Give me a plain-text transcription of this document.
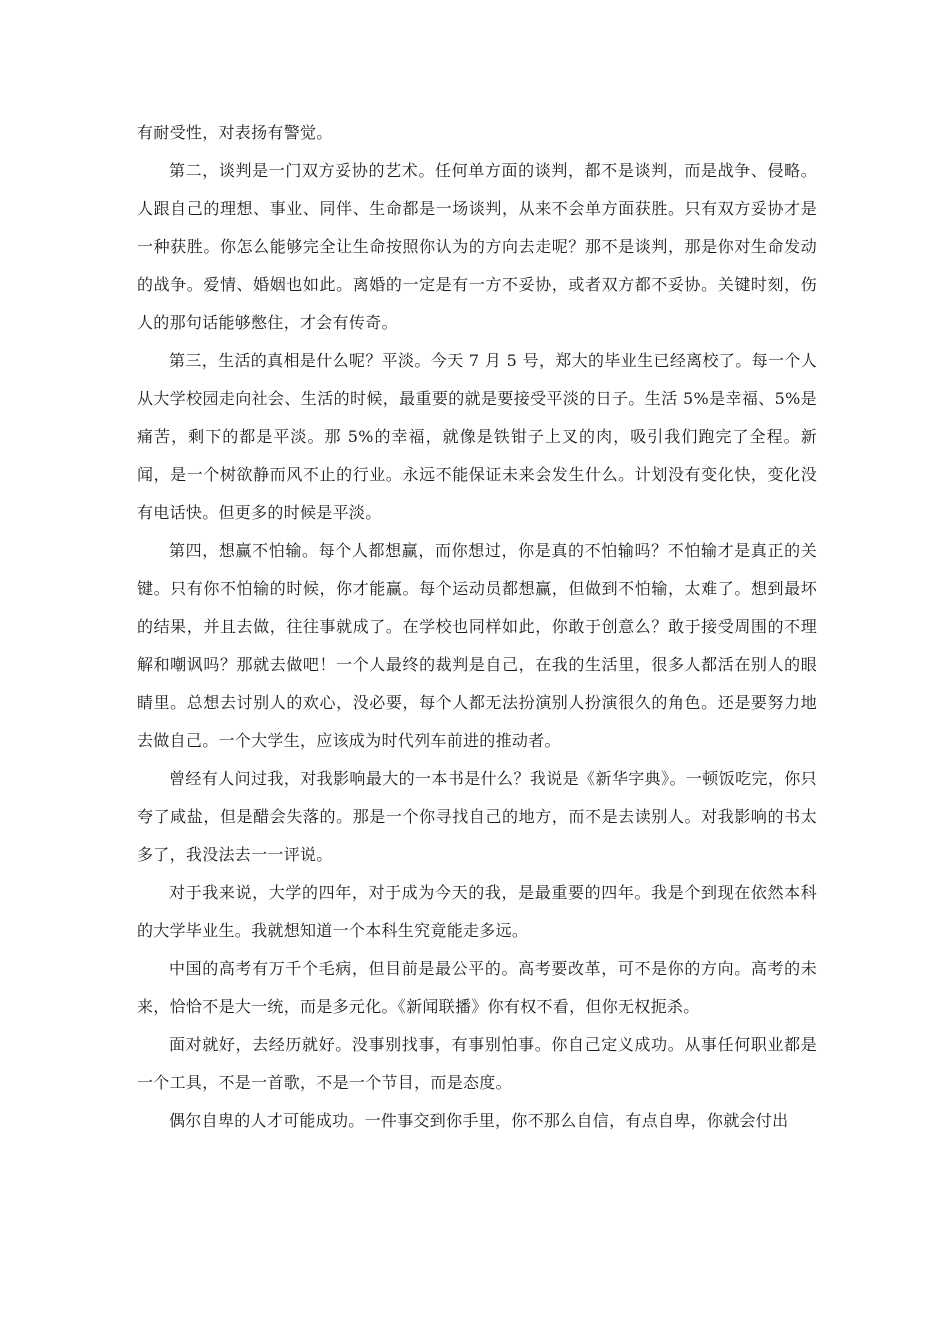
有耐受性，对表扬有警觉。

第二，谈判是一门双方妥协的艺术。任何单方面的谈判，都不是谈判，而是战争、侵略。人跟自己的理想、事业、同伴、生命都是一场谈判，从来不会单方面获胜。只有双方妥协才是一种获胜。你怎么能够完全让生命按照你认为的方向去走呢？那不是谈判，那是你对生命发动的战争。爱情、婚姻也如此。离婚的一定是有一方不妥协，或者双方都不妥协。关键时刻，伤人的那句话能够憋住，才会有传奇。

第三，生活的真相是什么呢？平淡。今天 7 月 5 号，郑大的毕业生已经离校了。每一个人从大学校园走向社会、生活的时候，最重要的就是要接受平淡的日子。生活 5%是幸福、5%是痛苦，剩下的都是平淡。那 5%的幸福，就像是铁钳子上叉的肉，吸引我们跑完了全程。新闻，是一个树欲静而风不止的行业。永远不能保证未来会发生什么。计划没有变化快，变化没有电话快。但更多的时候是平淡。

第四，想赢不怕输。每个人都想赢，而你想过，你是真的不怕输吗？不怕输才是真正的关键。只有你不怕输的时候，你才能赢。每个运动员都想赢，但做到不怕输，太难了。想到最坏的结果，并且去做，往往事就成了。在学校也同样如此，你敢于创意么？敢于接受周围的不理解和嘲讽吗？那就去做吧！一个人最终的裁判是自己，在我的生活里，很多人都活在别人的眼睛里。总想去讨别人的欢心，没必要，每个人都无法扮演别人扮演很久的角色。还是要努力地去做自己。一个大学生，应该成为时代列车前进的推动者。

曾经有人问过我，对我影响最大的一本书是什么？我说是《新华字典》。一顿饭吃完，你只夸了咸盐，但是醋会失落的。那是一个你寻找自己的地方，而不是去读别人。对我影响的书太多了，我没法去一一评说。

对于我来说，大学的四年，对于成为今天的我，是最重要的四年。我是个到现在依然本科的大学毕业生。我就想知道一个本科生究竟能走多远。

中国的高考有万千个毛病，但目前是最公平的。高考要改革，可不是你的方向。高考的未来，恰恰不是大一统，而是多元化。《新闻联播》你有权不看，但你无权扼杀。

面对就好，去经历就好。没事别找事，有事别怕事。你自己定义成功。从事任何职业都是一个工具，不是一首歌，不是一个节目，而是态度。

偶尔自卑的人才可能成功。一件事交到你手里，你不那么自信，有点自卑，你就会付出
